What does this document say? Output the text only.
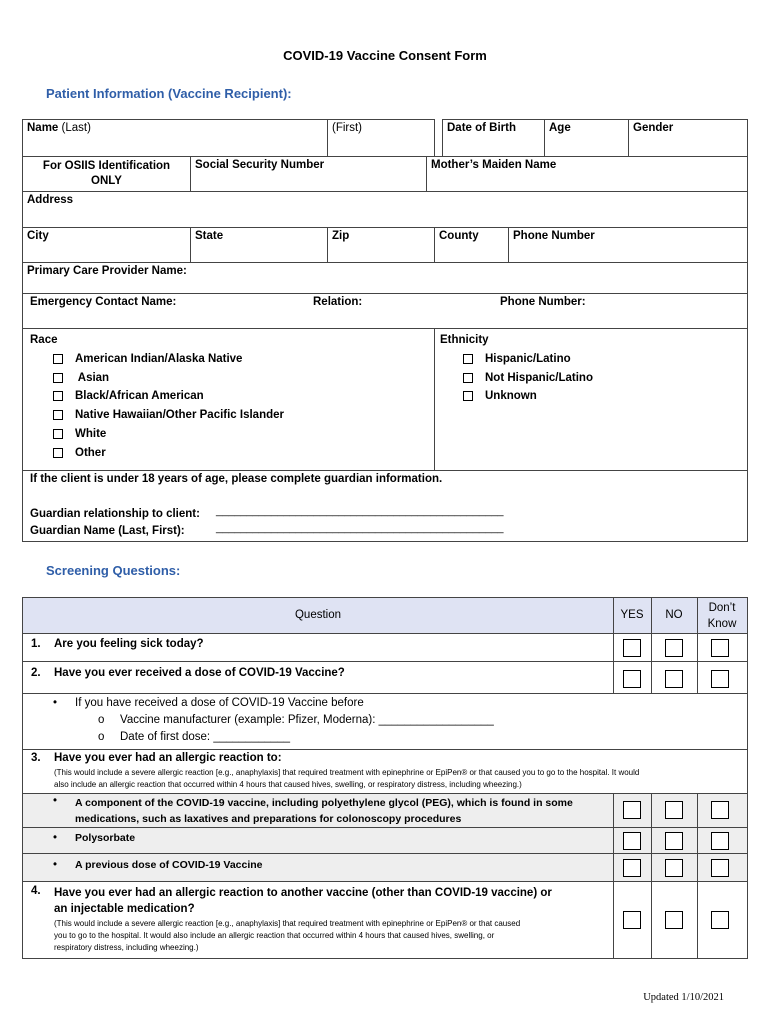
COVID-19 Vaccine Consent Form
Patient Information (Vaccine Recipient):
Name (Last)	(First)	Date of Birth	Age	Gender
For OSIIS Identification ONLY
Social Security Number	Mother’s Maiden Name
Address
City	State	Zip	County	Phone Number
Primary Care Provider Name:
Emergency Contact Name:	Relation:	Phone Number:
Race
American Indian/Alaska Native
Asian
Black/African American
Native Hawaiian/Other Pacific Islander
White
Other
Ethnicity
Hispanic/Latino
Not Hispanic/Latino
Unknown
If the client is under 18 years of age, please complete guardian information.
Guardian relationship to client: _______________________________________________
Guardian Name (Last, First):	_______________________________________________
Screening Questions:
Question	YES	NO
Don’t
Know
1. Are you feeling sick today?
2. Have you ever received a dose of COVID-19 Vaccine?
• If you have received a dose of COVID-19 Vaccine before
o Vaccine manufacturer (example: Pfizer, Moderna): __________________
o Date of first dose: ____________
3. Have you ever had an allergic reaction to:
(This would include a severe allergic reaction [e.g., anaphylaxis] that required treatment with epinephrine or EpiPen® or that caused you to go to the hospital. It would
also include an allergic reaction that occurred within 4 hours that caused hives, swelling, or respiratory distress, including wheezing.)
• A component of the COVID-19 vaccine, including polyethylene glycol (PEG), which is found in some
medications, such as laxatives and preparations for colonoscopy procedures
• Polysorbate
• A previous dose of COVID-19 Vaccine
4. Have you ever had an allergic reaction to another vaccine (other than COVID-19 vaccine) or
an injectable medication?
(This would include a severe allergic reaction [e.g., anaphylaxis] that required treatment with epinephrine or EpiPen® or that caused
you to go to the hospital. It would also include an allergic reaction that occurred within 4 hours that caused hives, swelling, or
respiratory distress, including wheezing.)
Updated 1/10/2021
